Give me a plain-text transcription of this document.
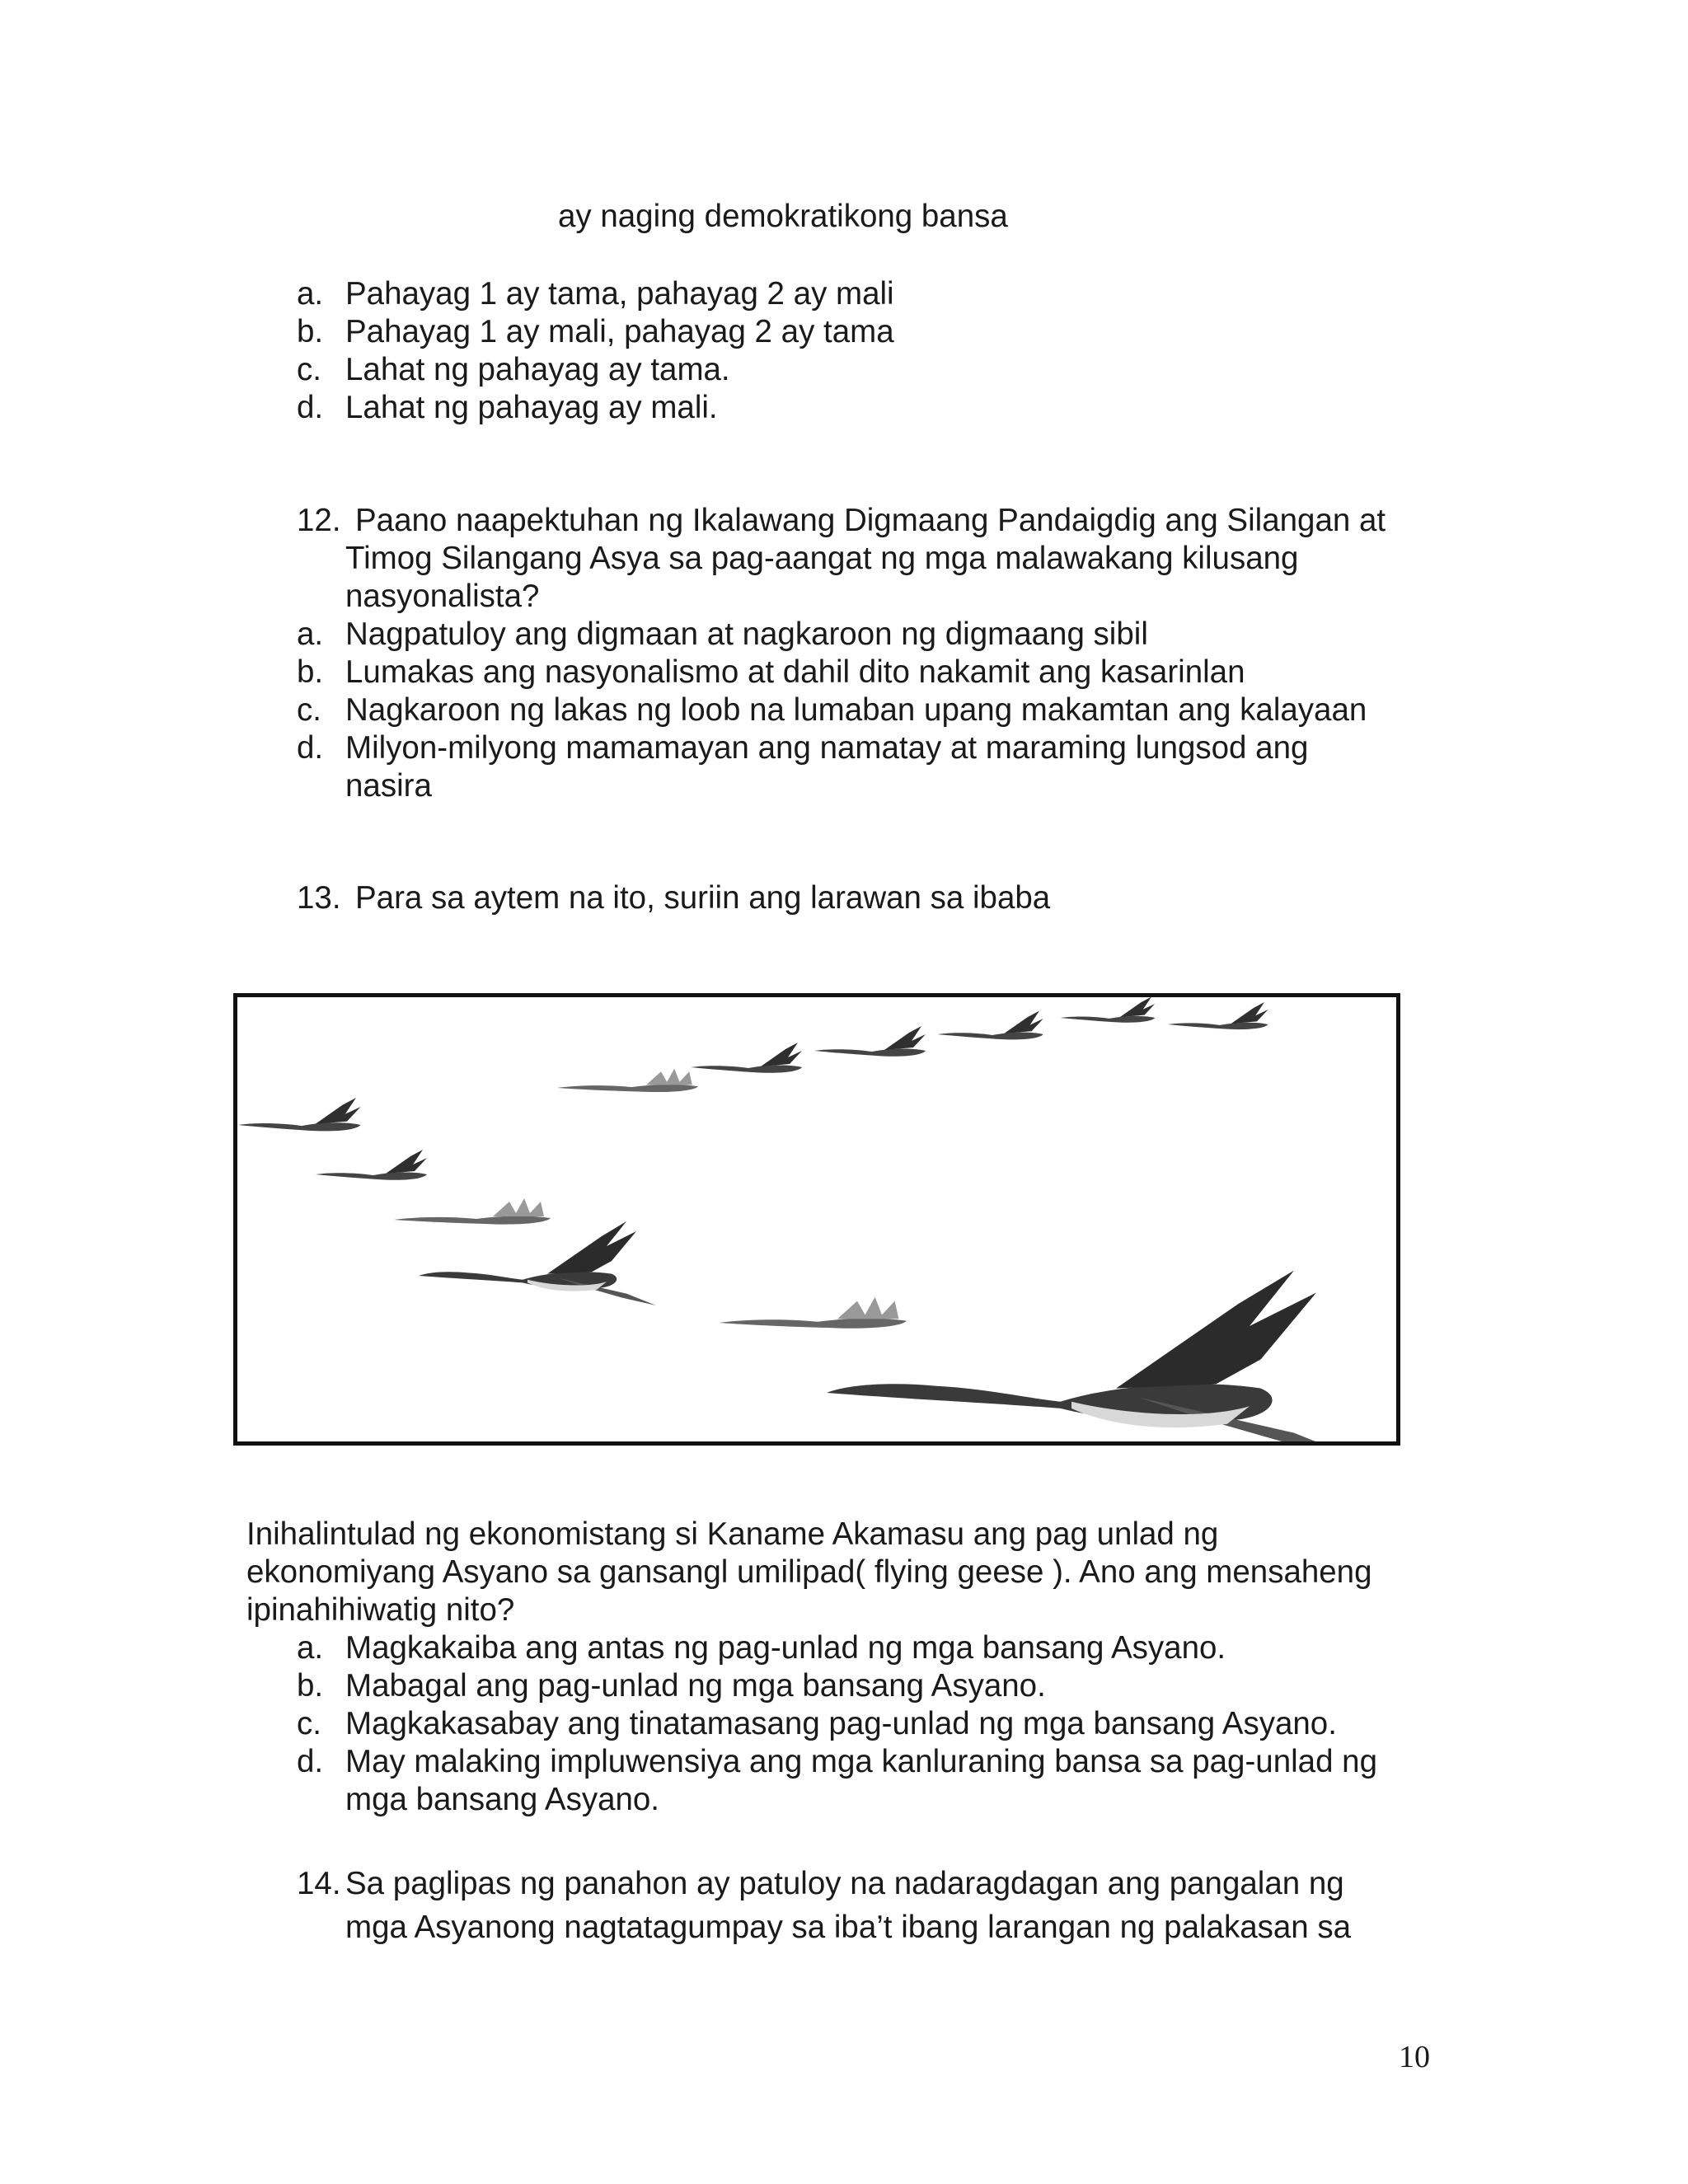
ay naging demokratikong bansa
a. Pahayag 1 ay tama, pahayag 2 ay mali
b. Pahayag 1 ay mali, pahayag 2 ay tama
c. Lahat ng pahayag ay tama.
d. Lahat ng pahayag ay mali.
12. Paano naapektuhan ng Ikalawang Digmaang Pandaigdig ang Silangan at
Timog Silangang Asya sa pag-aangat ng mga malawakang kilusang
nasyonalista?
a. Nagpatuloy ang digmaan at nagkaroon ng digmaang sibil
b. Lumakas ang nasyonalismo at dahil dito nakamit ang kasarinlan
c. Nagkaroon ng lakas ng loob na lumaban upang makamtan ang kalayaan
d. Milyon-milyong mamamayan ang namatay at maraming lungsod ang
nasira
13. Para sa aytem na ito, suriin ang larawan sa ibaba
Inihalintulad ng ekonomistang si Kaname Akamasu ang pag unlad ng
ekonomiyang Asyano sa gansangl umilipad( flying geese ). Ano ang mensaheng
ipinahihiwatig nito?
a. Magkakaiba ang antas ng pag-unlad ng mga bansang Asyano.
b. Mabagal ang pag-unlad ng mga bansang Asyano.
c. Magkakasabay ang tinatamasang pag-unlad ng mga bansang Asyano.
d. May malaking impluwensiya ang mga kanluraning bansa sa pag-unlad ng
mga bansang Asyano.
14. Sa paglipas ng panahon ay patuloy na nadaragdagan ang pangalan ng
mga Asyanong nagtatagumpay sa iba’t ibang larangan ng palakasan sa
10
